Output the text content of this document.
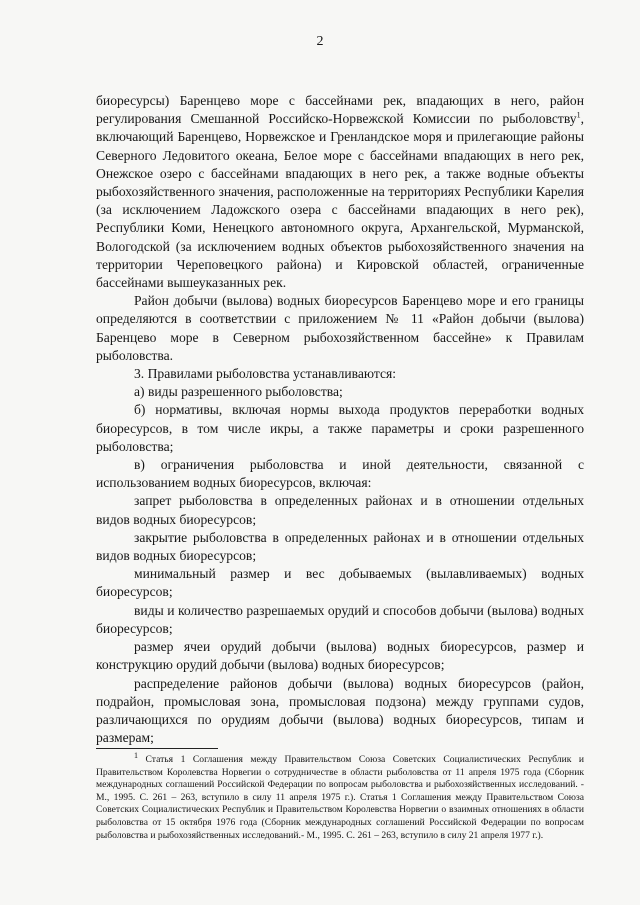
2

биоресурсы) Баренцево море с бассейнами рек, впадающих в него, район регулирования Смешанной Российско-Норвежской Комиссии по рыболовству$^1$, включающий Баренцево, Норвежское и Гренландское моря и прилегающие районы Северного Ледовитого океана, Белое море с бассейнами впадающих в него рек, Онежское озеро с бассейнами впадающих в него рек, а также водные объекты рыбохозяйственного значения, расположенные на территориях Республики Карелия (за исключением Ладожского озера с бассейнами впадающих в него рек), Республики Коми, Ненецкого автономного округа, Архангельской, Мурманской, Вологодской (за исключением водных объектов рыбохозяйственного значения на территории Череповецкого района) и Кировской областей, ограниченные бассейнами вышеуказанных рек.

Район добычи (вылова) водных биоресурсов Баренцево море и его границы определяются в соответствии с приложением № 11 «Район добычи (вылова) Баренцево море в Северном рыбохозяйственном бассейне» к Правилам рыболовства.

3. Правилами рыболовства устанавливаются:

а) виды разрешенного рыболовства;

б) нормативы, включая нормы выхода продуктов переработки водных биоресурсов, в том числе икры, а также параметры и сроки разрешенного рыболовства;

в) ограничения рыболовства и иной деятельности, связанной с использованием водных биоресурсов, включая:

запрет рыболовства в определенных районах и в отношении отдельных видов водных биоресурсов;

закрытие рыболовства в определенных районах и в отношении отдельных видов водных биоресурсов;

минимальный размер и вес добываемых (вылавливаемых) водных биоресурсов;

виды и количество разрешаемых орудий и способов добычи (вылова) водных биоресурсов;

размер ячеи орудий добычи (вылова) водных биоресурсов, размер и конструкцию орудий добычи (вылова) водных биоресурсов;

распределение районов добычи (вылова) водных биоресурсов (район, подрайон, промысловая зона, промысловая подзона) между группами судов, различающихся по орудиям добычи (вылова) водных биоресурсов, типам и размерам;

$^1$ Статья 1 Соглашения между Правительством Союза Советских Социалистических Республик и Правительством Королевства Норвегии о сотрудничестве в области рыболовства от 11 апреля 1975 года (Сборник международных соглашений Российской Федерации по вопросам рыболовства и рыбохозяйственных исследований. - М., 1995. С. 261 – 263, вступило в силу 11 апреля 1975 г.). Статья 1 Соглашения между Правительством Союза Советских Социалистических Республик и Правительством Королевства Норвегии о взаимных отношениях в области рыболовства от 15 октября 1976 года (Сборник международных соглашений Российской Федерации по вопросам рыболовства и рыбохозяйственных исследований.- М., 1995. С. 261 – 263, вступило в силу 21 апреля 1977 г.).
